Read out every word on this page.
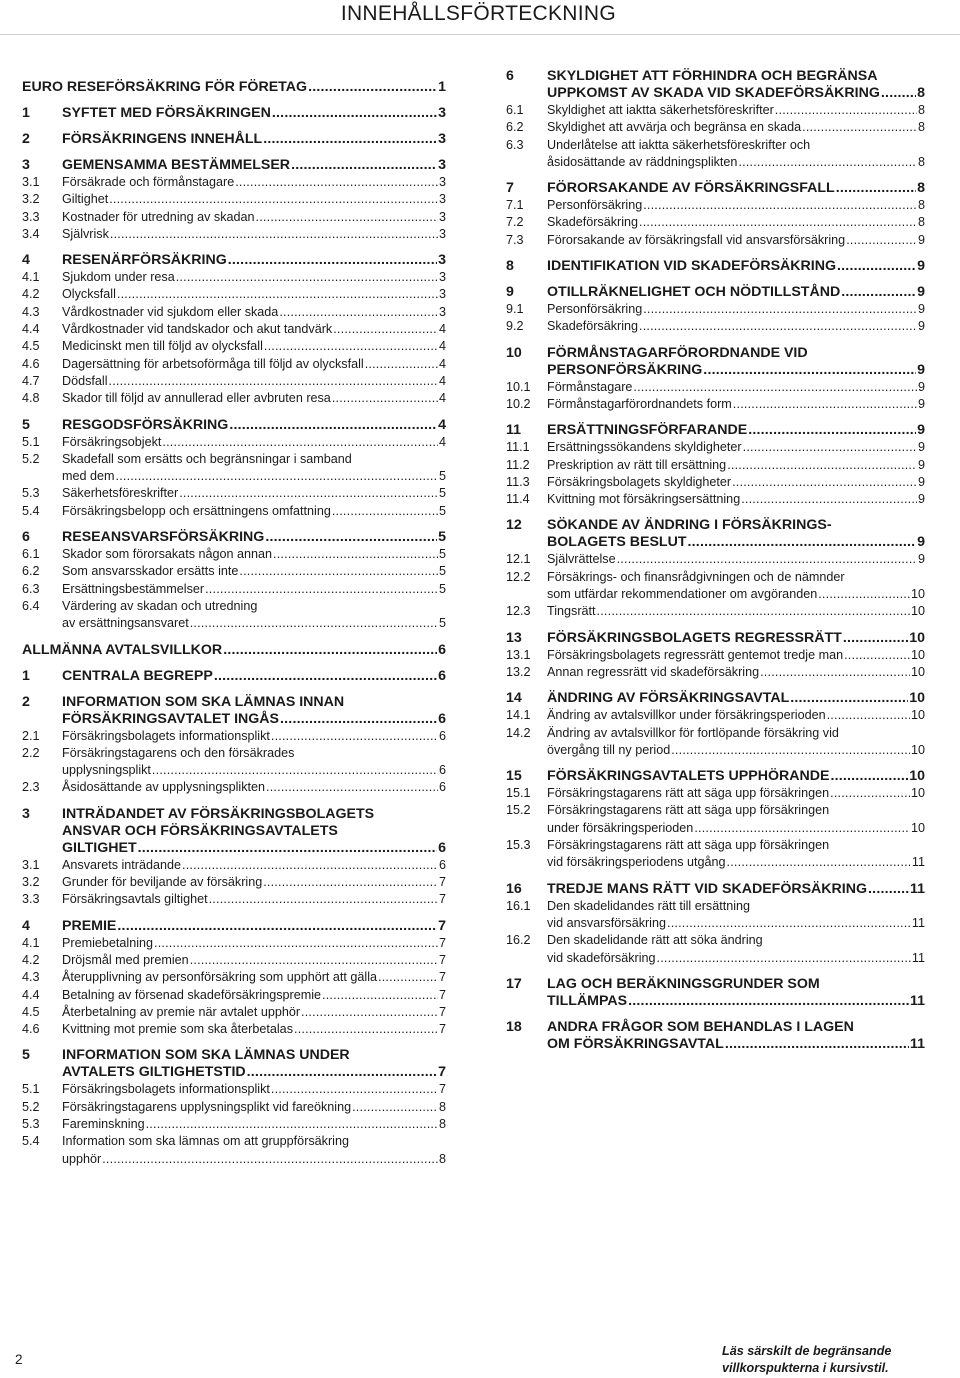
INNEHÅLLSFÖRTECKNING
EURO RESEFÖRSÄKRING FÖR FÖRETAG .....	1
1	SYFTET MED FÖRSÄKRINGEN .....	3
2	FÖRSÄKRINGENS INNEHÅLL .....	3
3	GEMENSAMMA BESTÄMMELSER .....	3
3.1	Försäkrade och förmånstagare .....	3
3.2	Giltighet .....	3
3.3	Kostnader för utredning av skadan .....	3
3.4	Självrisk .....	3
4	RESENÄRFÖRSÄKRING .....	3
4.1	Sjukdom under resa .....	3
4.2	Olycksfall .....	3
4.3	Vårdkostnader vid sjukdom eller skada .....	3
4.4	Vårdkostnader vid tandskador och akut tandvärk .....	4
4.5	Medicinskt men till följd av olycksfall .....	4
4.6	Dagersättning för arbetsoförmåga till följd av olycksfall .....	4
4.7	Dödsfall .....	4
4.8	Skador till följd av annullerad eller avbruten resa .....	4
5	RESGODSFÖRSÄKRING .....	4
5.1	Försäkringsobjekt .....	4
5.2	Skadefall som ersätts och begränsningar i samband
med dem .....	5
5.3	Säkerhetsföreskrifter .....	5
5.4	Försäkringsbelopp och ersättningens omfattning .....	5
6	RESEANSVARSFÖRSÄKRING .....	5
6.1	Skador som förorsakats någon annan .....	5
6.2	Som ansvarsskador ersätts inte .....	5
6.3	Ersättningsbestämmelser .....	5
6.4	Värdering av skadan och utredning
av ersättningsansvaret .....	5
ALLMÄNNA AVTALSVILLKOR .....	6
1	CENTRALA BEGREPP .....	6
2	INFORMATION SOM SKA LÄMNAS INNAN
FÖRSÄKRINGSAVTALET INGÅS .....	6
2.1	Försäkringsbolagets informationsplikt .....	6
2.2	Försäkringstagarens och den försäkrades
upplysningsplikt .....	6
2.3	Åsidosättande av upplysningsplikten .....	6
3	INTRÄDANDET AV FÖRSÄKRINGSBOLAGETS
ANSVAR OCH FÖRSÄKRINGSAVTALETS
GILTIGHET .....	6
3.1	Ansvarets inträdande .....	6
3.2	Grunder för beviljande av försäkring .....	7
3.3	Försäkringsavtals giltighet .....	7
4	PREMIE .....	7
4.1	Premiebetalning .....	7
4.2	Dröjsmål med premien .....	7
4.3	Återupplivning av personförsäkring som upphört att gälla .....	7
4.4	Betalning av försenad skadeförsäkringspremie .....	7
4.5	Återbetalning av premie när avtalet upphör .....	7
4.6	Kvittning mot premie som ska återbetalas .....	7
5	INFORMATION SOM SKA LÄMNAS UNDER
AVTALETS GILTIGHETSTID .....	7
5.1	Försäkringsbolagets informationsplikt .....	7
5.2	Försäkringstagarens upplysningsplikt vid fareökning .....	8
5.3	Fareminskning .....	8
5.4	Information som ska lämnas om att gruppförsäkring
upphör .....	8
6	SKYLDIGHET ATT FÖRHINDRA OCH BEGRÄNSA
UPPKOMST AV SKADA VID SKADEFÖRSÄKRING .....	8
6.1	Skyldighet att iaktta säkerhetsföreskrifter .....	8
6.2	Skyldighet att avvärja och begränsa en skada .....	8
6.3	Underlåtelse att iaktta säkerhetsföreskrifter och
åsidosättande av räddningsplikten .....	8
7	FÖRORSAKANDE AV FÖRSÄKRINGSFALL .....	8
7.1	Personförsäkring .....	8
7.2	Skadeförsäkring .....	8
7.3	Förorsakande av försäkringsfall vid ansvarsförsäkring .....	9
8	IDENTIFIKATION VID SKADEFÖRSÄKRING .....	9
9	OTILLRÄKNELIGHET OCH NÖDTILLSTÅND .....	9
9.1	Personförsäkring .....	9
9.2	Skadeförsäkring .....	9
10	FÖRMÅNSTAGARFÖRORDNANDE VID
PERSONFÖRSÄKRING .....	9
10.1	Förmånstagare .....	9
10.2	Förmånstagarförordnandets form .....	9
11	ERSÄTTNINGSFÖRFARANDE .....	9
11.1	Ersättningssökandens skyldigheter .....	9
11.2	Preskription av rätt till ersättning .....	9
11.3	Försäkringsbolagets skyldigheter .....	9
11.4	Kvittning mot försäkringsersättning .....	9
12	SÖKANDE AV ÄNDRING I FÖRSÄKRINGS-
BOLAGETS BESLUT .....	9
12.1	Självrättelse .....	9
12.2	Försäkrings- och finansrådgivningen och de nämnder
som utfärdar rekommendationer om avgöranden .....	10
12.3	Tingsrätt .....	10
13	FÖRSÄKRINGSBOLAGETS REGRESSRÄTT .....	10
13.1	Försäkringsbolagets regressrätt gentemot tredje man .....	10
13.2	Annan regressrätt vid skadeförsäkring .....	10
14	ÄNDRING AV FÖRSÄKRINGSAVTAL .....	10
14.1	Ändring av avtalsvillkor under försäkringsperioden .....	10
14.2	Ändring av avtalsvillkor för fortlöpande försäkring vid
övergång till ny period .....	10
15	FÖRSÄKRINGSAVTALETS UPPHÖRANDE .....	10
15.1	Försäkringstagarens rätt att säga upp försäkringen .....	10
15.2	Försäkringstagarens rätt att säga upp försäkringen
under försäkringsperioden .....	10
15.3	Försäkringstagarens rätt att säga upp försäkringen
vid försäkringsperiodens utgång .....	11
16	TREDJE MANS RÄTT VID SKADEFÖRSÄKRING .....	11
16.1	Den skadelidandes rätt till ersättning
vid ansvarsförsäkring .....	11
16.2	Den skadelidande rätt att söka ändring
vid skadeförsäkring .....	11
17	LAG OCH BERÄKNINGSGRUNDER SOM
TILLÄMPAS .....	11
18	ANDRA FRÅGOR SOM BEHANDLAS I LAGEN
OM FÖRSÄKRINGSAVTAL .....	11
2
Läs särskilt de begränsande
villkorspukterna i kursivstil.
